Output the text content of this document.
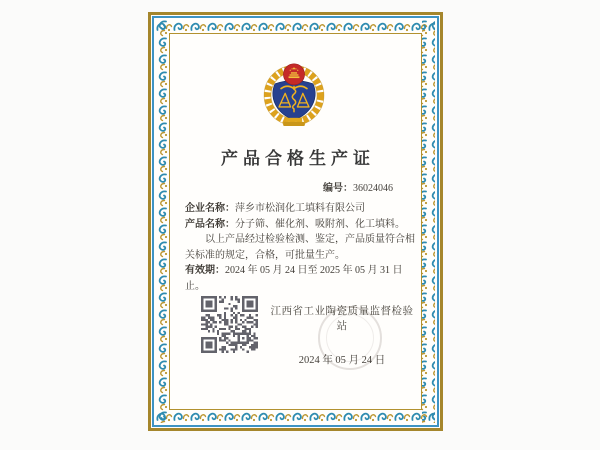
产品合格生产证
编号：36024046
企业名称：萍乡市松润化工填料有限公司
产品名称：分子筛、催化剂、吸附剂、化工填料。

以上产品经过检验检测、鉴定，产品质量符合相关标准的规定，合格，可批量生产。

有效期：2024 年 05 月 24 日至 2025 年 05 月 31 日止。
江西省工业陶瓷质量监督检验站
2024 年 05 月 24 日
